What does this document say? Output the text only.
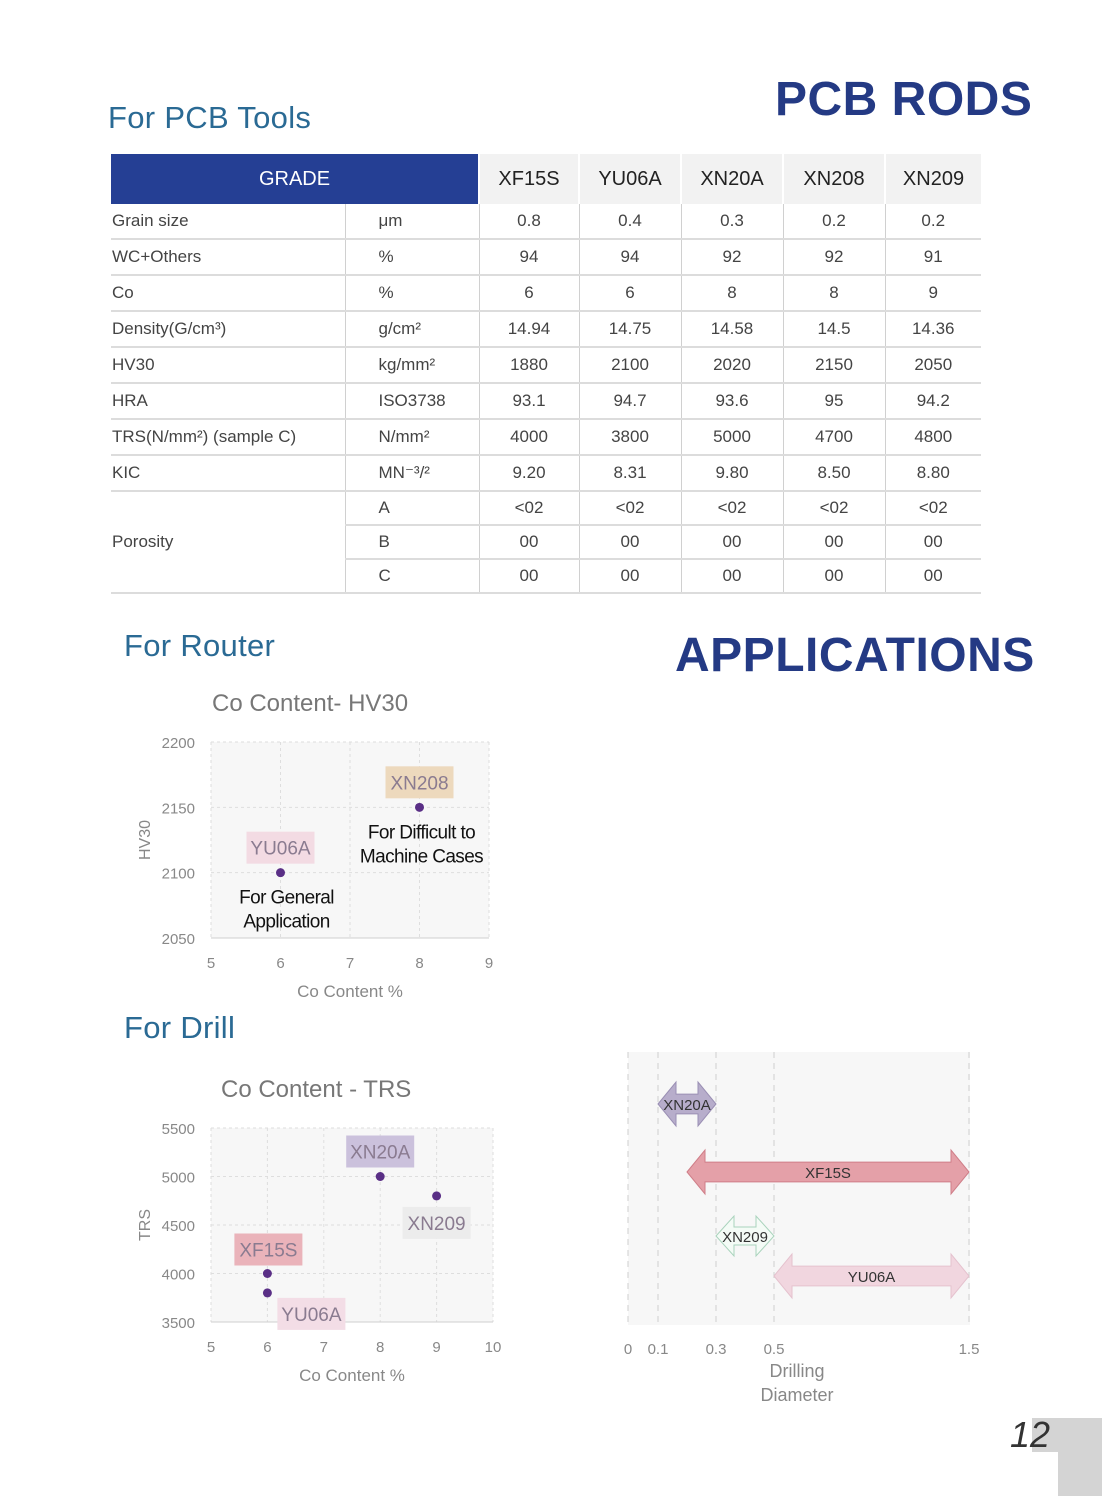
For PCB Tools	PCB RODS
GRADE		XF15S	YU06A	XN20A	XN208	XN209
Grain size	μm	0.8	0.4	0.3	0.2	0.2
WC+Others	%	94	94	92	92	91
Co	%	6	6	8	8	9
Density(G/cm³)	g/cm²	14.94	14.75	14.58	14.5	14.36
HV30	kg/mm²	1880	2100	2020	2150	2050
HRA	ISO3738	93.1	94.7	93.6	95	94.2
TRS(N/mm²) (sample C)	N/mm²	4000	3800	5000	4700	4800
KIC	MN⁻³/²	9.20	8.31	9.80	8.50	8.80
Porosity	A	<02	<02	<02	<02	<02
	B	00	00	00	00	00
	C	00	00	00	00	00
For Router	APPLICATIONS
Co Content- HV30
5	6	7	8	9
2050
2100
2150
2200
Co Content %
HV30	YU06A
For General
Application
XN208
For Difficult to
Machine Cases
For Drill
Co Content - TRS
5	6	7	8	9	10
3500
4000
4500
5000
5500
Co Content %
TRS
XN20A
XN209
XF15S
YU06A
0 0.1 0.3 0.5	1.5
Drilling
Diameter
XN20A
XF15S
XN209
YU06A
12
